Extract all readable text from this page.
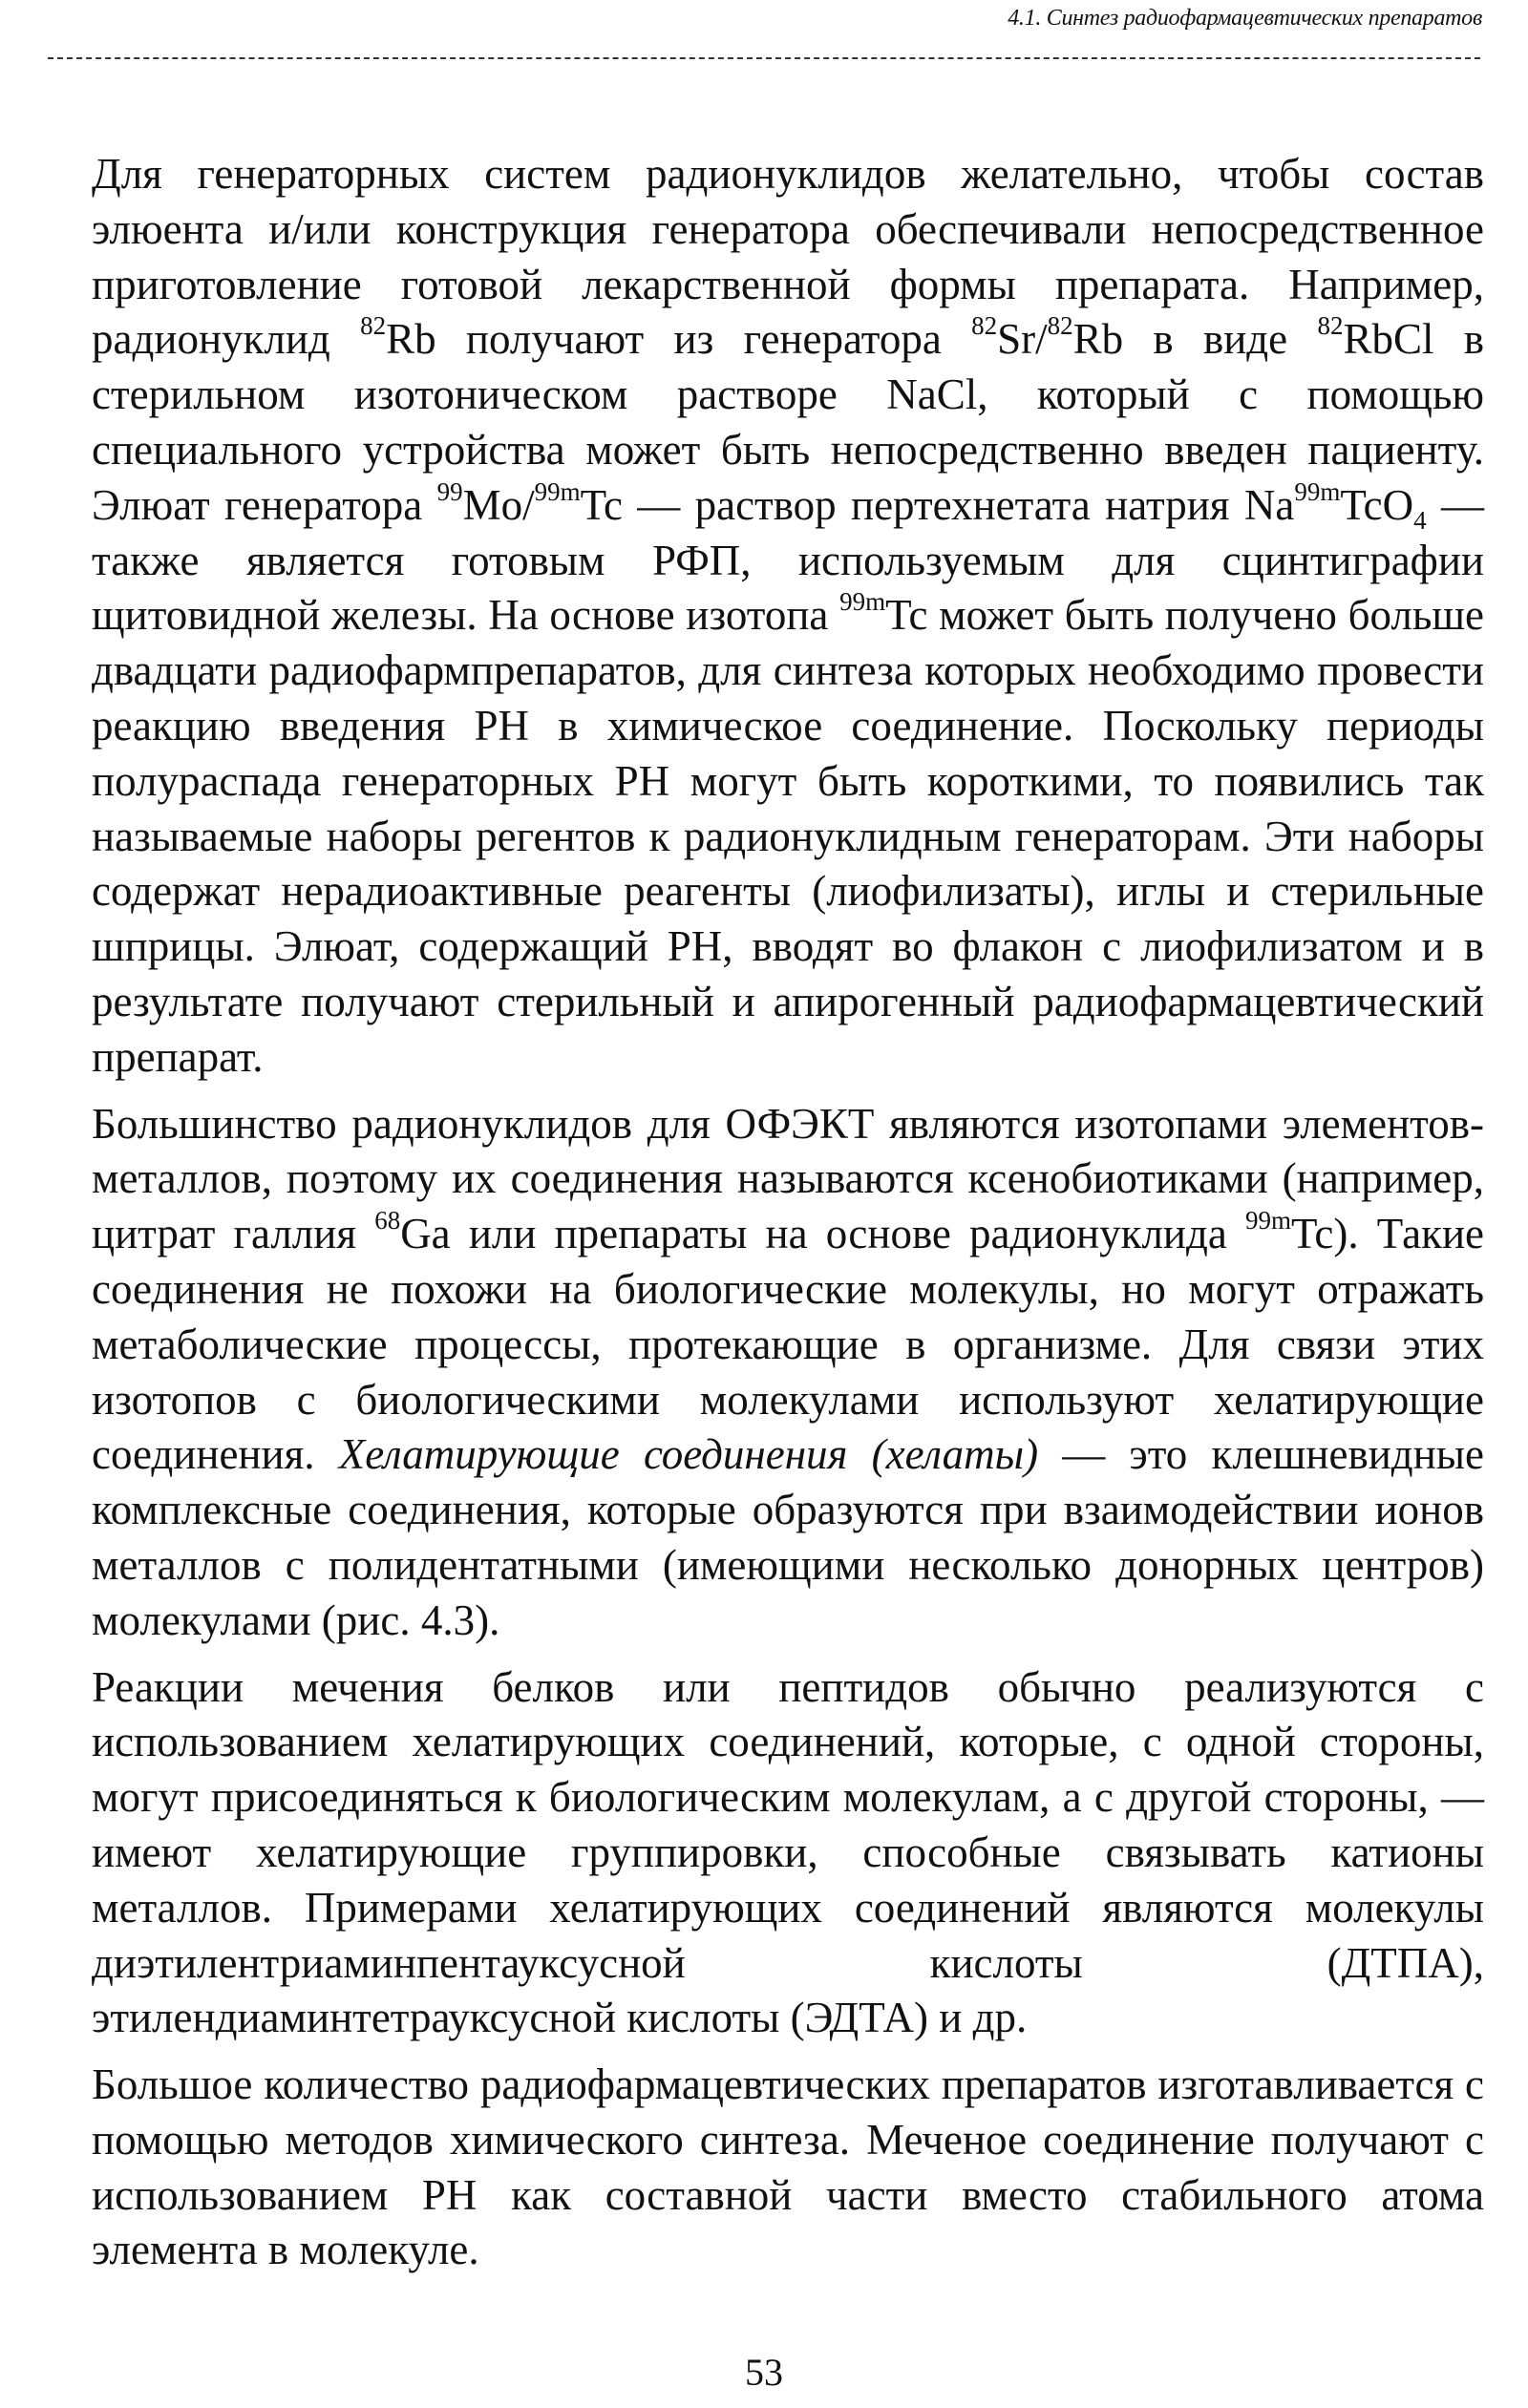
4.1. Синтез радиофармацевтических препаратов

Для генераторных систем радионуклидов желательно, чтобы состав элюента и/или конструкция генератора обеспечивали непосредственное приготовление готовой лекарственной формы препарата. Например, радионуклид $^{82}$Rb получают из генератора $^{82}$Sr/$^{82}$Rb в виде $^{82}$RbCl в стерильном изотоническом растворе NaCl, который с помощью специального устройства может быть непосредственно введен пациенту. Элюат генератора $^{99}$Mo/$^{99m}$Tc — раствор пертехнетата натрия $Na^{99m}TcO_4$ — также является готовым РФП, используемым для сцинтиграфии щитовидной железы. На основе изотопа $^{99m}$Tc может быть получено больше двадцати радиофармпрепаратов, для синтеза которых необходимо провести реакцию введения РН в химическое соединение. Поскольку периоды полураспада генераторных РН могут быть короткими, то появились так называемые наборы регентов к радионуклидным генераторам. Эти наборы содержат нерадиоактивные реагенты (лиофилизаты), иглы и стерильные шприцы. Элюат, содержащий РН, вводят во флакон с лиофилизатом и в результате получают стерильный и апирогенный радиофармацевтический препарат.

Большинство радионуклидов для ОФЭКТ являются изотопами элементов-металлов, поэтому их соединения называются ксенобиотиками (например, цитрат галлия $^{68}$Ga или препараты на основе радионуклида $^{99m}$Tc). Такие соединения не похожи на биологические молекулы, но могут отражать метаболические процессы, протекающие в организме. Для связи этих изотопов с биологическими молекулами используют хелатирующие соединения. Хелатирующие соединения (хелаты) — это клешневидные комплексные соединения, которые образуются при взаимодействии ионов металлов с полидентатными (имеющими несколько донорных центров) молекулами (рис. 4.3).

Реакции мечения белков или пептидов обычно реализуются с использованием хелатирующих соединений, которые, с одной стороны, могут присоединяться к биологическим молекулам, а с другой стороны, — имеют хелатирующие группировки, способные связывать катионы металлов. Примерами хелатирующих соединений являются молекулы диэтилентриаминпентауксусной кислоты (ДТПА), этилендиаминтетрауксусной кислоты (ЭДТА) и др.

Большое количество радиофармацевтических препаратов изготавливается с помощью методов химического синтеза. Меченое соединение получают с использованием РН как составной части вместо стабильного атома элемента в молекуле.

53
